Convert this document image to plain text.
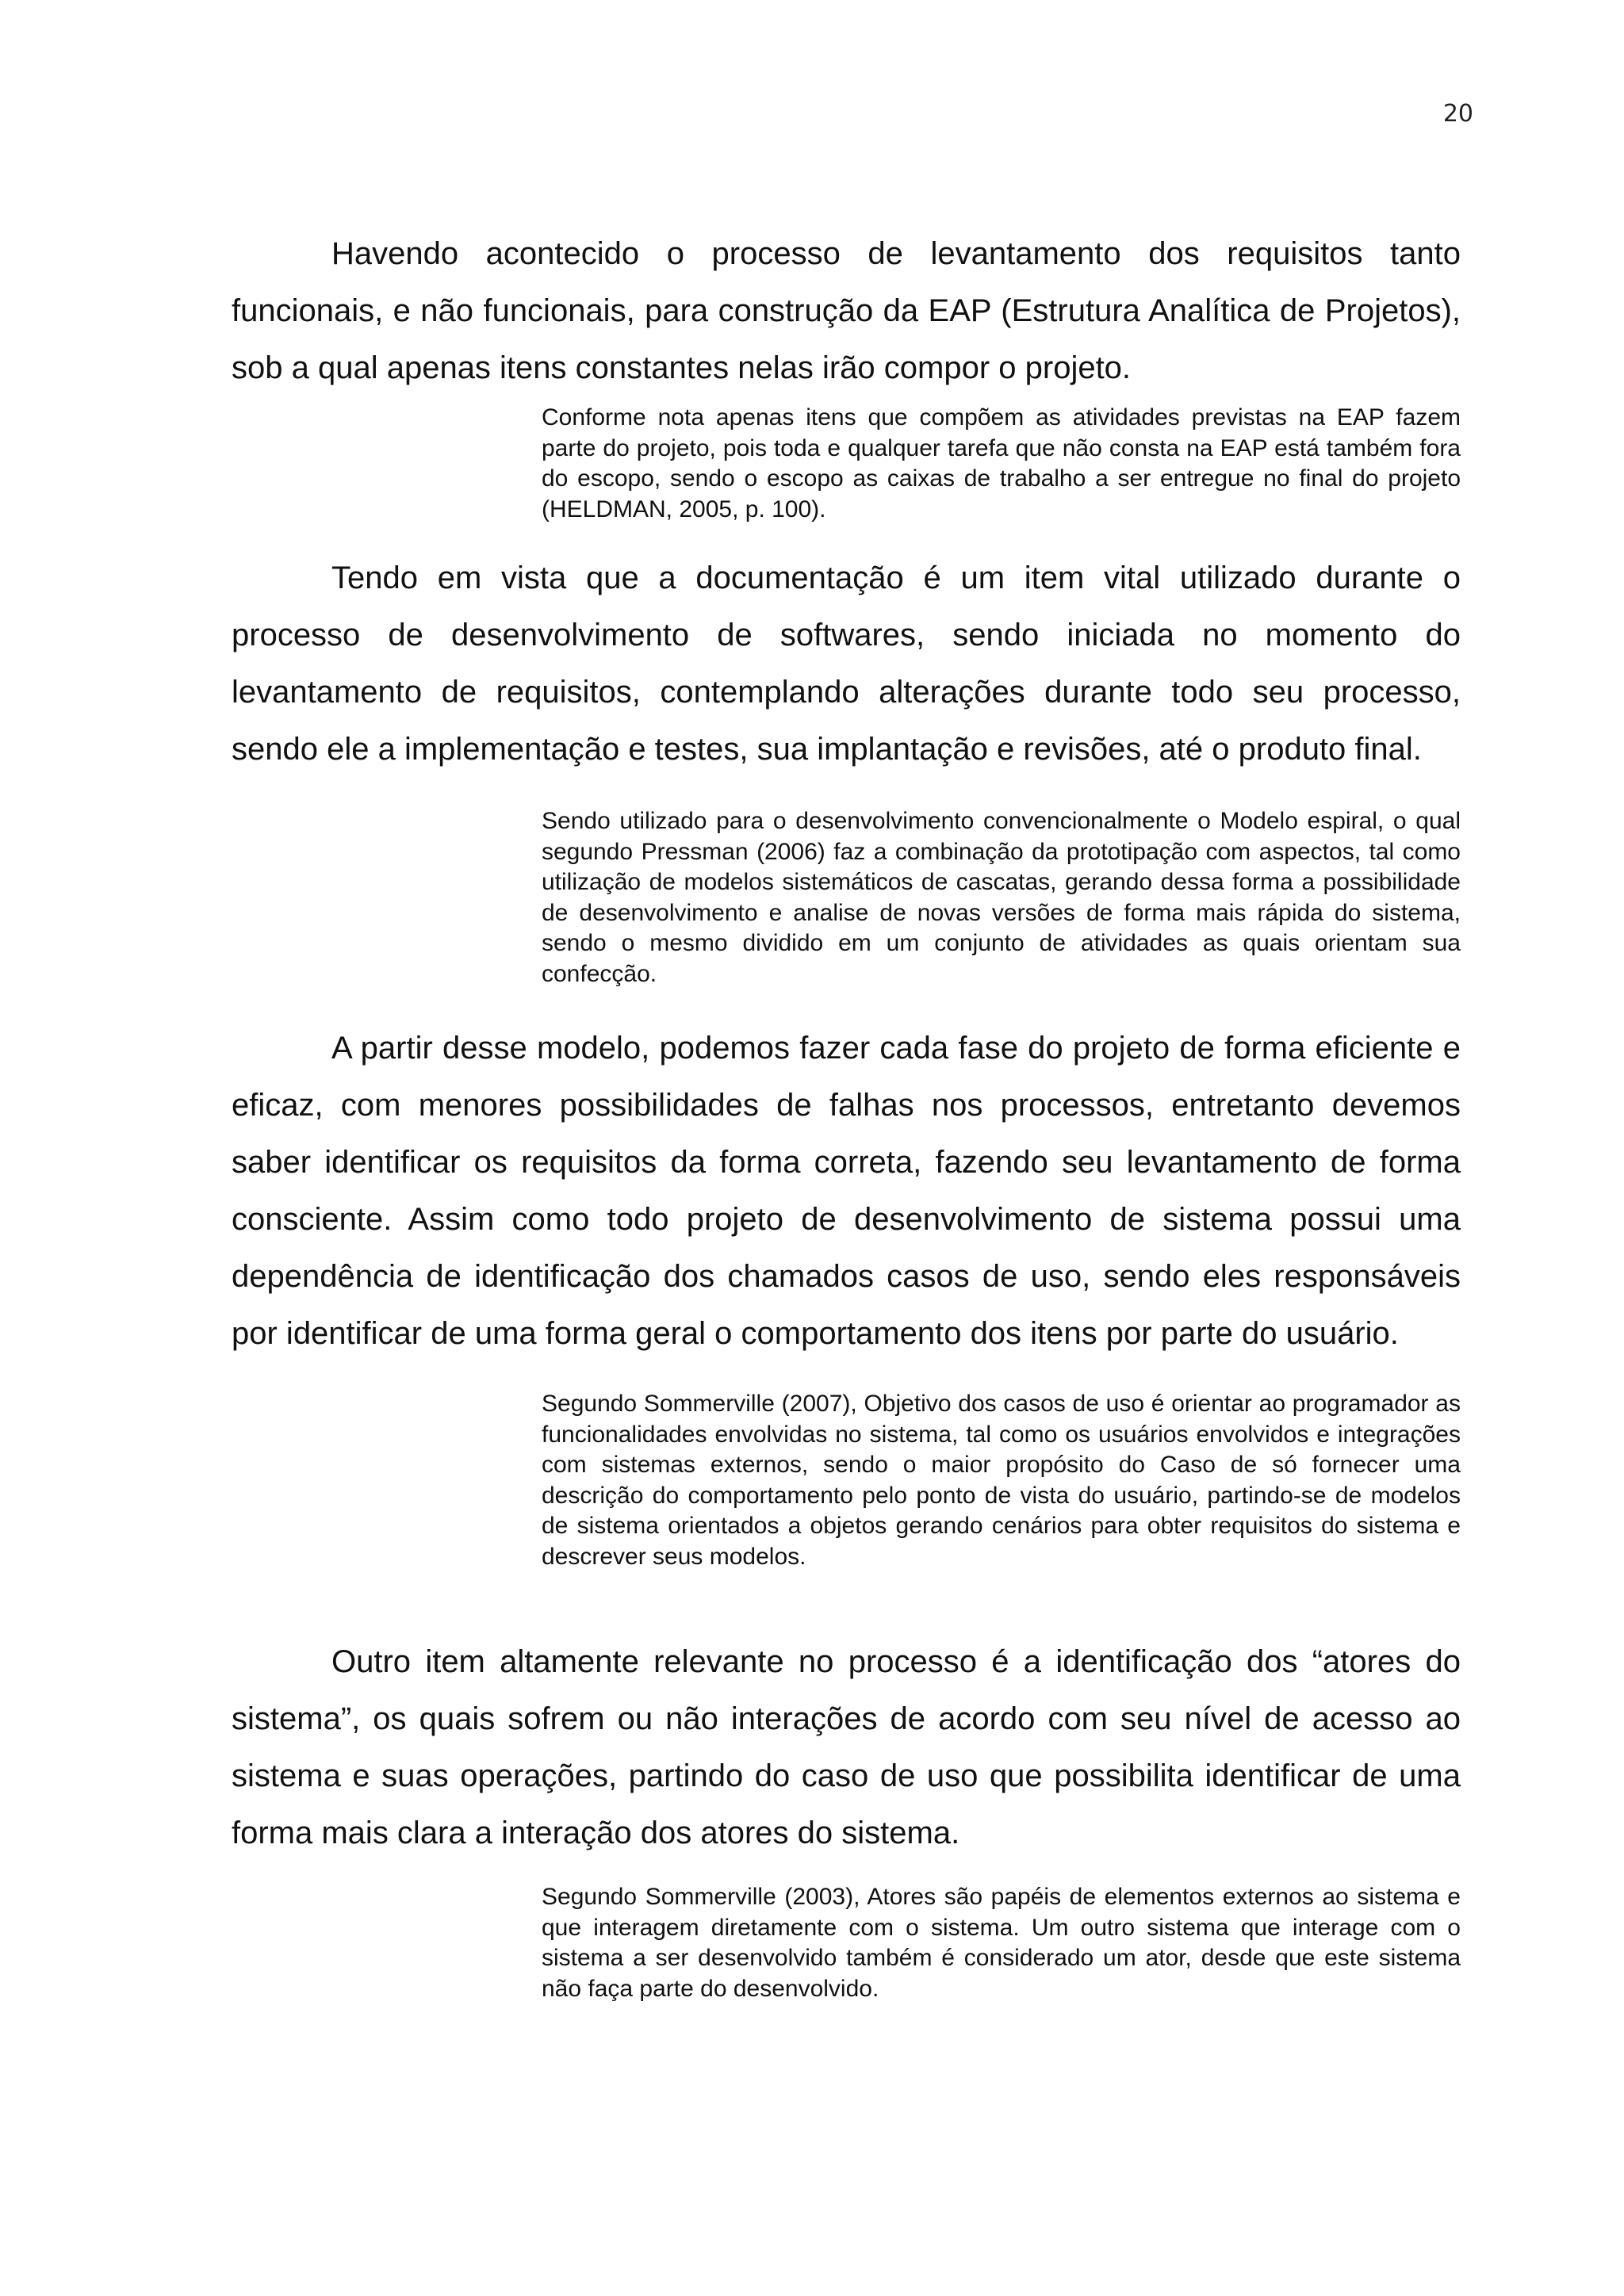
20

Havendo acontecido o processo de levantamento dos requisitos tanto funcionais, e não funcionais, para construção da EAP (Estrutura Analítica de Projetos), sob a qual apenas itens constantes nelas irão compor o projeto.

Conforme nota apenas itens que compõem as atividades previstas na EAP fazem parte do projeto, pois toda e qualquer tarefa que não consta na EAP está também fora do escopo, sendo o escopo as caixas de trabalho a ser entregue no final do projeto (HELDMAN, 2005, p. 100).

Tendo em vista que a documentação é um item vital utilizado durante o processo de desenvolvimento de softwares, sendo iniciada no momento do levantamento de requisitos, contemplando alterações durante todo seu processo, sendo ele a implementação e testes, sua implantação e revisões, até o produto final.

Sendo utilizado para o desenvolvimento convencionalmente o Modelo espiral, o qual segundo Pressman (2006) faz a combinação da prototipação com aspectos, tal como utilização de modelos sistemáticos de cascatas, gerando dessa forma a possibilidade de desenvolvimento e analise de novas versões de forma mais rápida do sistema, sendo o mesmo dividido em um conjunto de atividades as quais orientam sua confecção.

A partir desse modelo, podemos fazer cada fase do projeto de forma eficiente e eficaz, com menores possibilidades de falhas nos processos, entretanto devemos saber identificar os requisitos da forma correta, fazendo seu levantamento de forma consciente. Assim como todo projeto de desenvolvimento de sistema possui uma dependência de identificação dos chamados casos de uso, sendo eles responsáveis por identificar de uma forma geral o comportamento dos itens por parte do usuário.

Segundo Sommerville (2007), Objetivo dos casos de uso é orientar ao programador as funcionalidades envolvidas no sistema, tal como os usuários envolvidos e integrações com sistemas externos, sendo o maior propósito do Caso de só fornecer uma descrição do comportamento pelo ponto de vista do usuário, partindo-se de modelos de sistema orientados a objetos gerando cenários para obter requisitos do sistema e descrever seus modelos.

Outro item altamente relevante no processo é a identificação dos “atores do sistema”, os quais sofrem ou não interações de acordo com seu nível de acesso ao sistema e suas operações, partindo do caso de uso que possibilita identificar de uma forma mais clara a interação dos atores do sistema.

Segundo Sommerville (2003), Atores são papéis de elementos externos ao sistema e que interagem diretamente com o sistema. Um outro sistema que interage com o sistema a ser desenvolvido também é considerado um ator, desde que este sistema não faça parte do desenvolvido.
